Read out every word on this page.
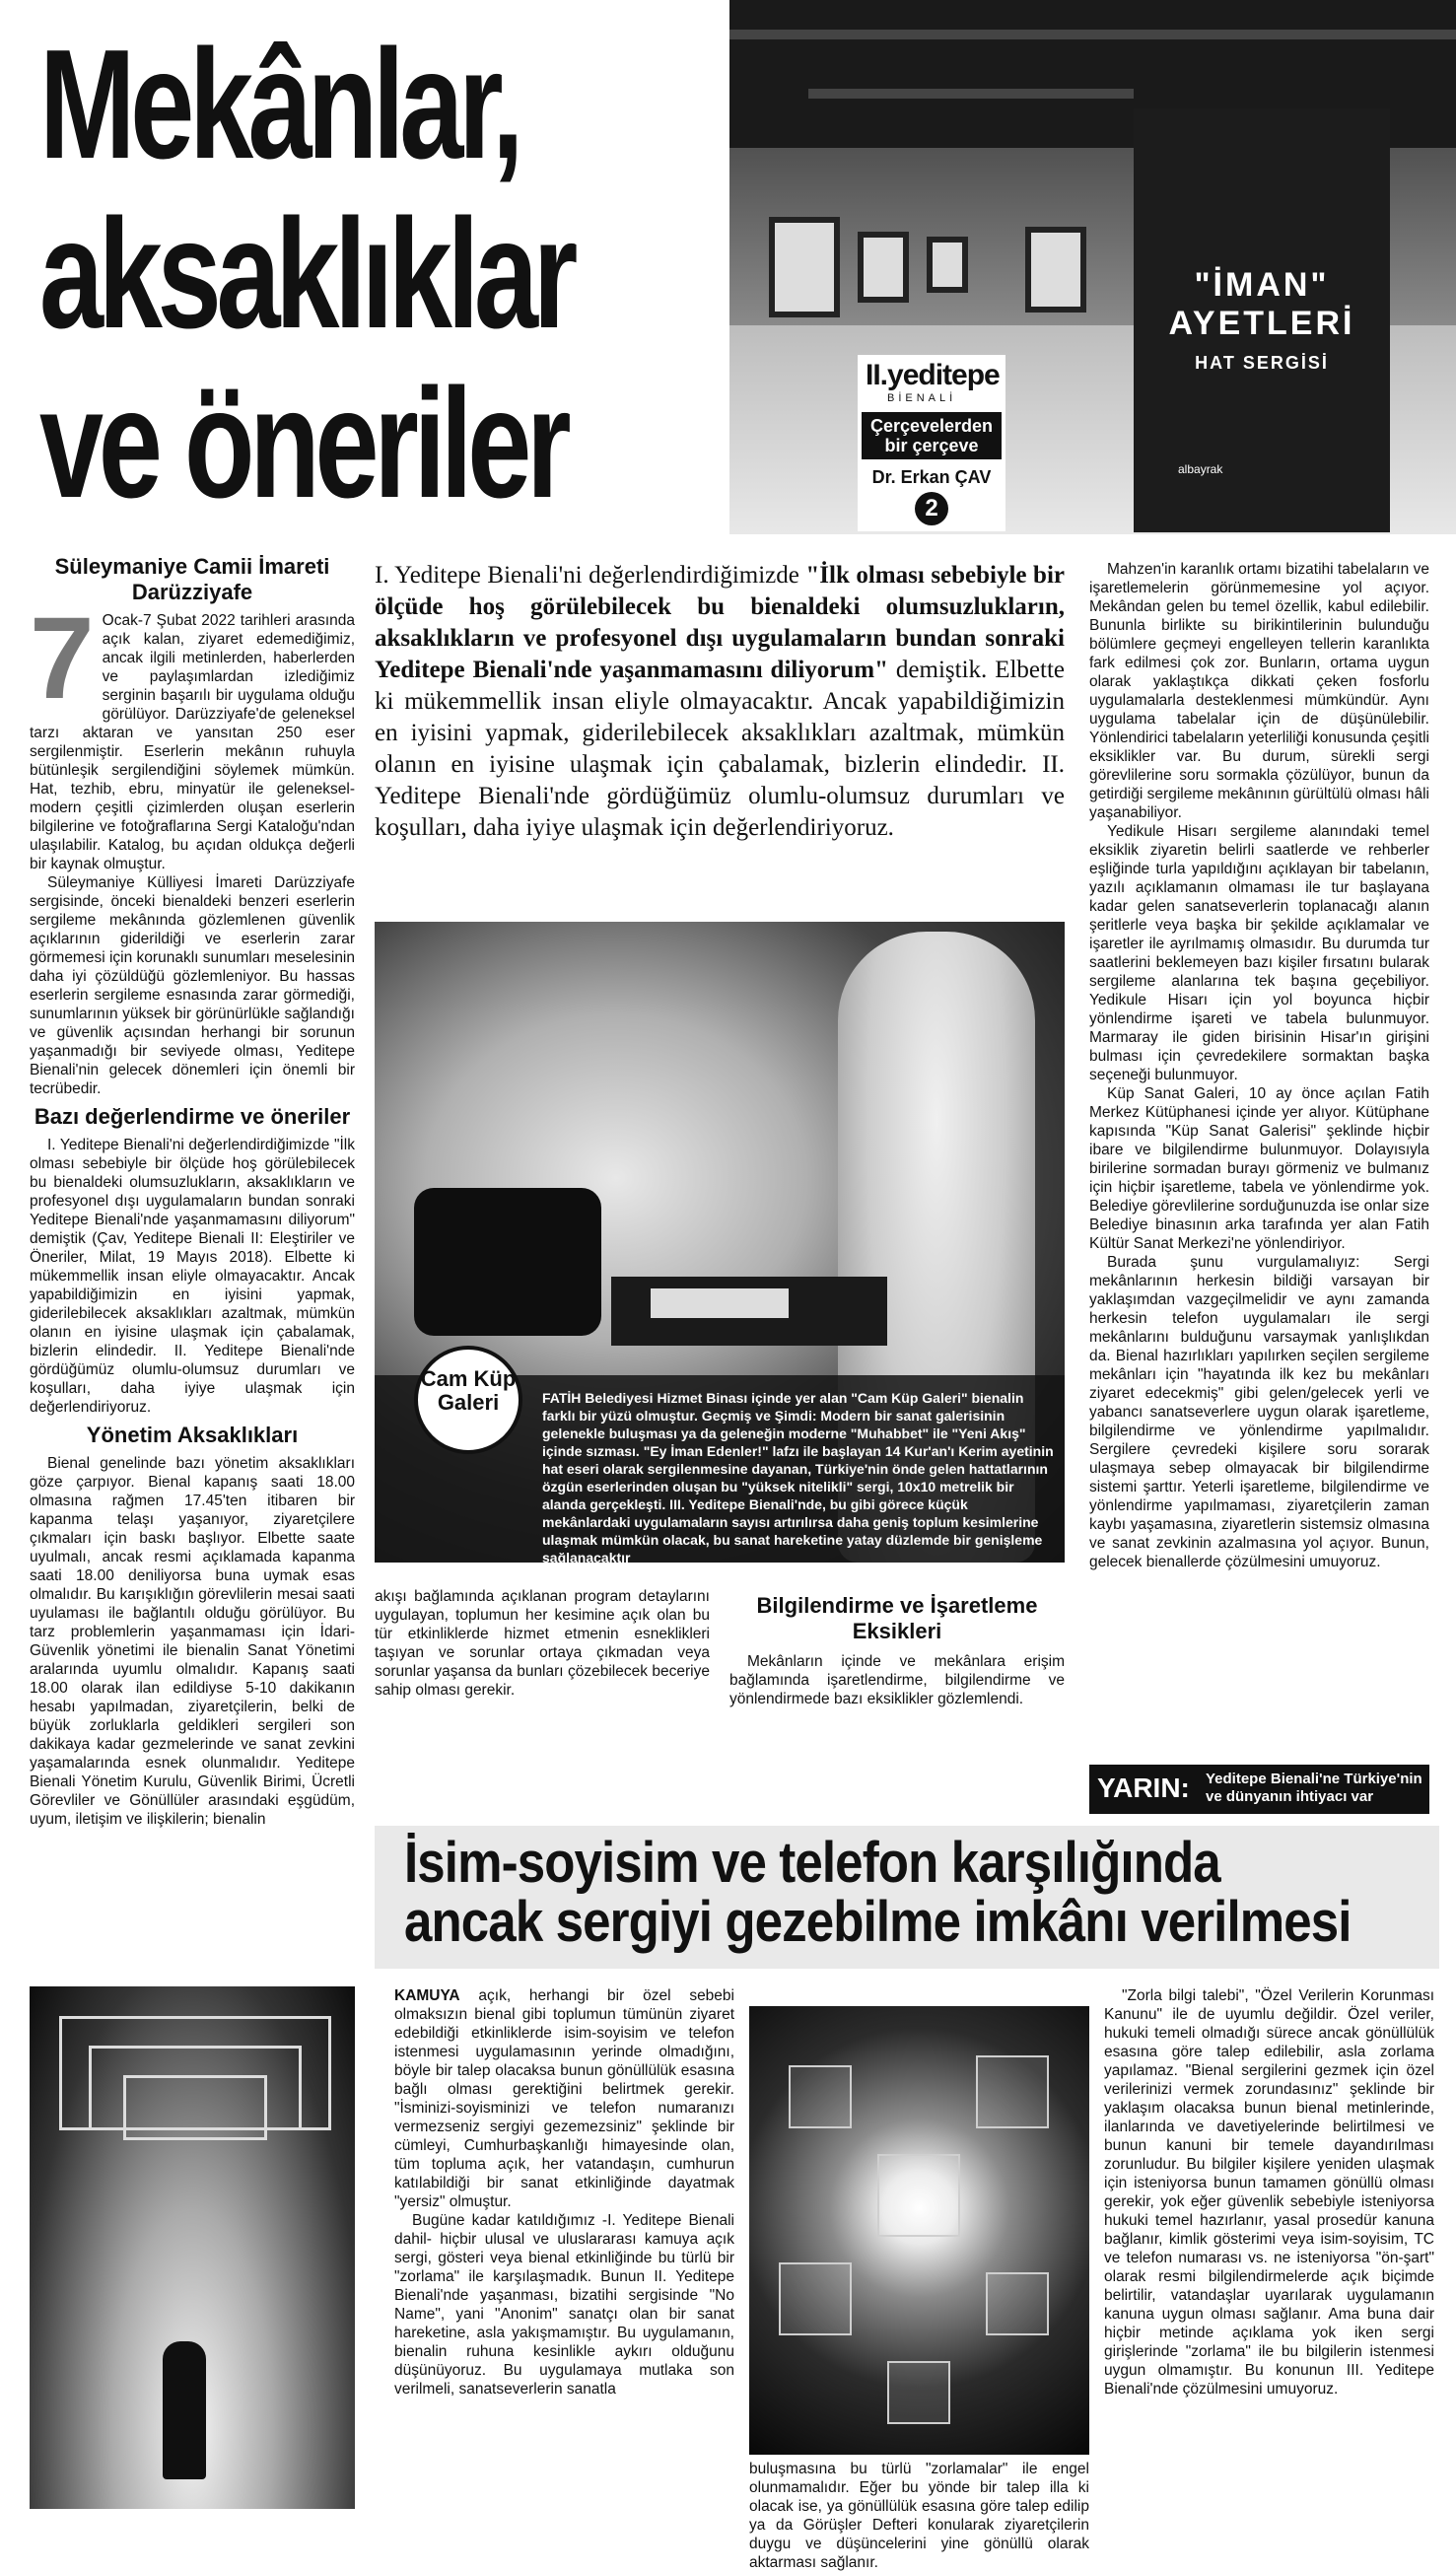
Mekânlar,
aksaklıklar
ve öneriler
"İMAN"
AYETLERİ
HAT SERGİSİ
albayrak
II.yeditepe
BİENALİ
Çerçevelerden bir çerçeve
Dr. Erkan ÇAV
2
Süleymaniye Camii İmareti Darüzziyafe
7 Ocak-7 Şubat 2022 tarihleri arasında açık kalan, ziyaret edemediğimiz, ancak ilgili metinlerden, haberlerden ve paylaşımlardan izlediğimiz serginin başarılı bir uygulama olduğu görülüyor. Darüzziyafe'de geleneksel tarzı aktaran ve yansıtan 250 eser sergilenmiştir. Eserlerin mekânın ruhuyla bütünleşik sergilendiğini söylemek mümkün. Hat, tezhib, ebru, minyatür ile geleneksel-modern çeşitli çizimlerden oluşan eserlerin bilgilerine ve fotoğraflarına Sergi Kataloğu'ndan ulaşılabilir. Katalog, bu açıdan oldukça değerli bir kaynak olmuştur.

Süleymaniye Külliyesi İmareti Darüzziyafe sergisinde, önceki bienaldeki benzeri eserlerin sergileme mekânında gözlemlenen güvenlik açıklarının giderildiği ve eserlerin zarar görmemesi için korunaklı sunumları meselesinin daha iyi çözüldüğü gözlemleniyor. Bu hassas eserlerin sergileme esnasında zarar görmediği, sunumlarının yüksek bir görünürlükle sağlandığı ve güvenlik açısından herhangi bir sorunun yaşanmadığı bir seviyede olması, Yeditepe Bienali'nin gelecek dönemleri için önemli bir tecrübedir.

Bazı değerlendirme ve öneriler

I. Yeditepe Bienali'ni değerlendirdiğimizde "İlk olması sebebiyle bir ölçüde hoş görülebilecek bu bienaldeki olumsuzlukların, aksaklıkların ve profesyonel dışı uygulamaların bundan sonraki Yeditepe Bienali'nde yaşanmamasını diliyorum" demiştik (Çav, Yeditepe Bienali II: Eleştiriler ve Öneriler, Milat, 19 Mayıs 2018). Elbette ki mükemmellik insan eliyle olmayacaktır. Ancak yapabildiğimizin en iyisini yapmak, giderilebilecek aksaklıkları azaltmak, mümkün olanın en iyisine ulaşmak için çabalamak, bizlerin elindedir. II. Yeditepe Bienali'nde gördüğümüz olumlu-olumsuz durumları ve koşulları, daha iyiye ulaşmak için değerlendiriyoruz.

Yönetim Aksaklıkları

Bienal genelinde bazı yönetim aksaklıkları göze çarpıyor. Bienal kapanış saati 18.00 olmasına rağmen 17.45'ten itibaren bir kapanma telaşı yaşanıyor, ziyaretçilere çıkmaları için baskı başlıyor. Elbette saate uyulmalı, ancak resmi açıklamada kapanma saati 18.00 deniliyorsa buna uymak esas olmalıdır. Bu karışıklığın görevlilerin mesai saati uyulaması ile bağlantılı olduğu görülüyor. Bu tarz problemlerin yaşanmaması için İdari-Güvenlik yönetimi ile bienalin Sanat Yönetimi aralarında uyumlu olmalıdır. Kapanış saati 18.00 olarak ilan edildiyse 5-10 dakikanın hesabı yapılmadan, ziyaretçilerin, belki de büyük zorluklarla geldikleri sergileri son dakikaya kadar gezmelerinde ve sanat zevkini yaşamalarında esnek olunmalıdır. Yeditepe Bienali Yönetim Kurulu, Güvenlik Birimi, Ücretli Görevliler ve Gönüllüler arasındaki eşgüdüm, uyum, iletişim ve ilişkilerin; bienalin

I. Yeditepe Bienali'ni değerlendirdiğimizde "İlk olması sebebiyle bir ölçüde hoş görülebilecek bu bienaldeki olumsuzlukların, aksaklıkların ve profesyonel dışı uygulamaların bundan sonraki Yeditepe Bienali'nde yaşanmamasını diliyorum" demiştik. Elbette ki mükemmellik insan eliyle olmayacaktır. Ancak yapabildiğimizin en iyisini yapmak, giderilebilecek aksaklıkları azaltmak, mümkün olanın en iyisine ulaşmak için çabalamak, bizlerin elindedir. II. Yeditepe Bienali'nde gördüğümüz olumlu-olumsuz durumları ve koşulları, daha iyiye ulaşmak için değerlendiriyoruz.
Cam Küp Galeri	FATİH Belediyesi Hizmet Binası içinde yer alan "Cam Küp Galeri" bienalin farklı bir yüzü olmuştur. Geçmiş ve Şimdi: Modern bir sanat galerisinin gelenekle buluşması ya da geleneğin moderne "Muhabbet" ile "Yeni Akış" içinde sızması. "Ey İman Edenler!" lafzı ile başlayan 14 Kur'an'ı Kerim ayetinin hat eseri olarak sergilenmesine dayanan, Türkiye'nin önde gelen hattatlarının özgün eserlerinden oluşan bu "yüksek nitelikli" sergi, 10x10 metrelik bir alanda gerçekleşti. III. Yeditepe Bienali'nde, bu gibi görece küçük mekânlardaki uygulamaların sayısı artırılırsa daha geniş toplum kesimlerine ulaşmak mümkün olacak, bu sanat hareketine yatay düzlemde bir genişleme sağlanacaktır

akışı bağlamında açıklanan program detaylarını uygulayan, toplumun her kesimine açık olan bu tür etkinliklerde hizmet etmenin esneklikleri taşıyan ve sorunlar ortaya çıkmadan veya sorunlar yaşansa da bunları çözebilecek beceriye sahip olması gerekir.

Bilgilendirme ve İşaretleme Eksikleri

Mekânların içinde ve mekânlara erişim bağlamında işaretlendirme, bilgilendirme ve yönlendirmede bazı eksiklikler gözlemlendi.

Mahzen'in karanlık ortamı bizatihi tabelaların ve işaretlemelerin görünmemesine yol açıyor. Mekândan gelen bu temel özellik, kabul edilebilir. Bununla birlikte su birikintilerinin bulunduğu bölümlere geçmeyi engelleyen tellerin karanlıkta fark edilmesi çok zor. Bunların, ortama uygun olarak yaklaştıkça dikkati çeken fosforlu uygulamalarla desteklenmesi mümkündür. Aynı uygulama tabelalar için de düşünülebilir. Yönlendirici tabelaların yeterliliği konusunda çeşitli eksiklikler var. Bu durum, sürekli sergi görevlilerine soru sormakla çözülüyor, bunun da getirdiği sergileme mekânının gürültülü olması hâli yaşanabiliyor.

Yedikule Hisarı sergileme alanındaki temel eksiklik ziyaretin belirli saatlerde ve rehberler eşliğinde turla yapıldığını açıklayan bir tabelanın, yazılı açıklamanın olmaması ile tur başlayana kadar gelen sanatseverlerin toplanacağı alanın şeritlerle veya başka bir şekilde açıklamalar ve işaretler ile ayrılmamış olmasıdır. Bu durumda tur saatlerini beklemeyen bazı kişiler fırsatını bularak sergileme alanlarına tek başına geçebiliyor. Yedikule Hisarı için yol boyunca hiçbir yönlendirme işareti ve tabela bulunmuyor. Marmaray ile giden birisinin Hisar'ın girişini bulması için çevredekilere sormaktan başka seçeneği bulunmuyor.

Küp Sanat Galeri, 10 ay önce açılan Fatih Merkez Kütüphanesi içinde yer alıyor. Kütüphane kapısında "Küp Sanat Galerisi" şeklinde hiçbir ibare ve bilgilendirme bulunmuyor. Dolayısıyla birilerine sormadan burayı görmeniz ve bulmanız için hiçbir işaretleme, tabela ve yönlendirme yok. Belediye görevlilerine sorduğunuzda ise onlar size Belediye binasının arka tarafında yer alan Fatih Kültür Sanat Merkezi'ne yönlendiriyor.

Burada şunu vurgulamalıyız: Sergi mekânlarının herkesin bildiği varsayan bir yaklaşımdan vazgeçilmelidir ve aynı zamanda herkesin telefon uygulamaları ile sergi mekânlarını bulduğunu varsaymak yanlışlıkdan da. Bienal hazırlıkları yapılırken seçilen sergileme mekânları için "hayatında ilk kez bu mekânları ziyaret edecekmiş" gibi gelen/gelecek yerli ve yabancı sanatseverlere uygun olarak işaretleme, bilgilendirme ve yönlendirme yapılmalıdır. Sergilere çevredeki kişilere soru sorarak ulaşmaya sebep olmayacak bir bilgilendirme sistemi şarttır. Yeterli işaretleme, bilgilendirme ve yönlendirme yapılmaması, ziyaretçilerin zaman kaybı yaşamasına, ziyaretlerin sistemsiz olmasına ve sanat zevkinin azalmasına yol açıyor. Bunun, gelecek bienallerde çözülmesini umuyoruz.

YARIN: Yeditepe Bienali'ne Türkiye'nin ve dünyanın ihtiyacı var
İsim-soyisim ve telefon karşılığında
ancak sergiyi gezebilme imkânı verilmesi

KAMUYA açık, herhangi bir özel sebebi olmaksızın bienal gibi toplumun tümünün ziyaret edebildiği etkinliklerde isim-soyisim ve telefon istenmesi uygulamasının yerinde olmadığını, böyle bir talep olacaksa bunun gönüllülük esasına bağlı olması gerektiğini belirtmek gerekir. "İsminizi-soyisminizi ve telefon numaranızı vermezseniz sergiyi gezemezsiniz" şeklinde bir cümleyi, Cumhurbaşkanlığı himayesinde olan, tüm topluma açık, her vatandaşın, cumhurun katılabildiği bir sanat etkinliğinde dayatmak "yersiz" olmuştur.

Bugüne kadar katıldığımız -I. Yeditepe Bienali dahil- hiçbir ulusal ve uluslararası kamuya açık sergi, gösteri veya bienal etkinliğinde bu türlü bir "zorlama" ile karşılaşmadık. Bunun II. Yeditepe Bienali'nde yaşanması, bizatihi sergisinde "No Name", yani "Anonim" sanatçı olan bir sanat hareketine, asla yakışmamıştır. Bu uygulamanın, bienalin ruhuna kesinlikle aykırı olduğunu düşünüyoruz. Bu uygulamaya mutlaka son verilmeli, sanatseverlerin sanatla

buluşmasına bu türlü "zorlamalar" ile engel olunmamalıdır. Eğer bu yönde bir talep illa ki olacak ise, ya gönüllülük esasına göre talep edilip ya da Görüşler Defteri konularak ziyaretçilerin duygu ve düşüncelerini yine gönüllü olarak aktarması sağlanır.

"Zorla bilgi talebi", "Özel Verilerin Korunması Kanunu" ile de uyumlu değildir. Özel veriler, hukuki temeli olmadığı sürece ancak gönüllülük esasına göre talep edilebilir, asla zorlama yapılamaz. "Bienal sergilerini gezmek için özel verilerinizi vermek zorundasınız" şeklinde bir yaklaşım olacaksa bunun bienal metinlerinde, ilanlarında ve davetiyelerinde belirtilmesi ve bunun kanuni bir temele dayandırılması zorunludur. Bu bilgiler kişilere yeniden ulaşmak için isteniyorsa bunun tamamen gönüllü olması gerekir, yok eğer güvenlik sebebiyle isteniyorsa hukuki temel hazırlanır, yasal prosedür kanuna bağlanır, kimlik gösterimi veya isim-soyisim, TC ve telefon numarası vs. ne isteniyorsa "ön-şart" olarak resmi bilgilendirmelerde açık biçimde belirtilir, vatandaşlar uyarılarak uygulamanın kanuna uygun olması sağlanır. Ama buna dair hiçbir metinde açıklama yok iken sergi girişlerinde "zorlama" ile bu bilgilerin istenmesi uygun olmamıştır. Bu konunun III. Yeditepe Bienali'nde çözülmesini umuyoruz.
